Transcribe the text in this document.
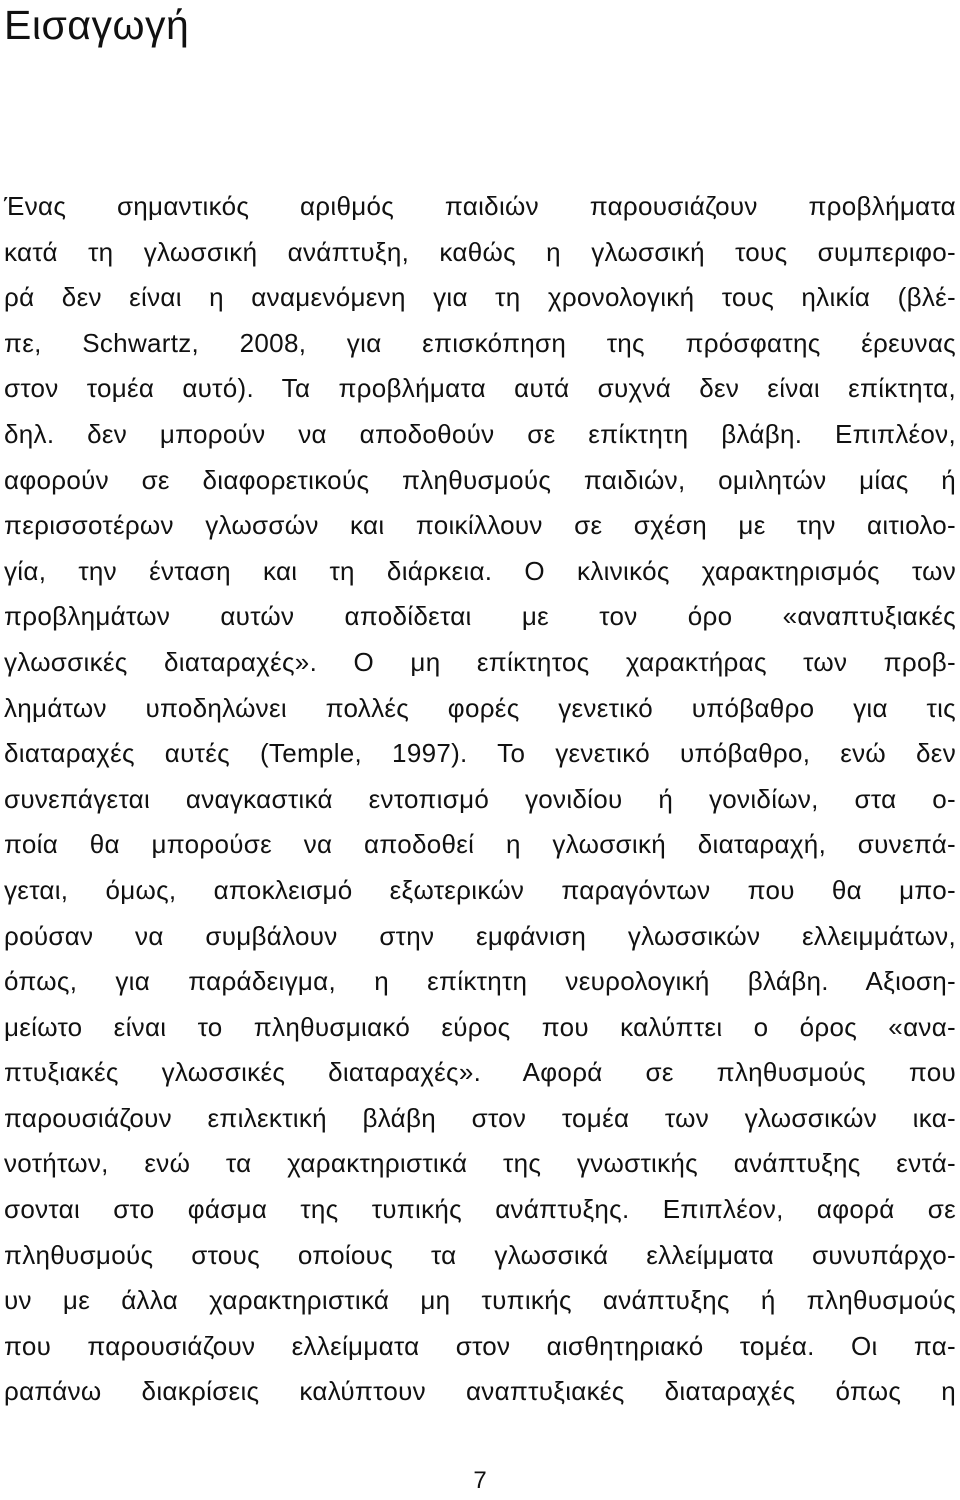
Εισαγωγή
Ένας σημαντικός αριθμός παιδιών παρουσιάζουν προβλήματα
κατά τη γλωσσική ανάπτυξη, καθώς η γλωσσική τους συμπεριφο-
ρά δεν είναι η αναμενόμενη για τη χρονολογική τους ηλικία (βλέ-
πε, Schwartz, 2008, για επισκόπηση της πρόσφατης έρευνας
στον τομέα αυτό). Τα προβλήματα αυτά συχνά δεν είναι επίκτητα,
δηλ. δεν μπορούν να αποδοθούν σε επίκτητη βλάβη. Επιπλέον,
αφορούν σε διαφορετικούς πληθυσμούς παιδιών, ομιλητών μίας ή
περισσοτέρων γλωσσών και ποικίλλουν σε σχέση με την αιτιολο-
γία, την ένταση και τη διάρκεια. Ο κλινικός χαρακτηρισμός των
προβλημάτων αυτών αποδίδεται με τον όρο «αναπτυξιακές
γλωσσικές διαταραχές». Ο μη επίκτητος χαρακτήρας των προβ-
λημάτων υποδηλώνει πολλές φορές γενετικό υπόβαθρο για τις
διαταραχές αυτές (Temple, 1997). Το γενετικό υπόβαθρο, ενώ δεν
συνεπάγεται αναγκαστικά εντοπισμό γονιδίου ή γονιδίων, στα ο-
ποία θα μπορούσε να αποδοθεί η γλωσσική διαταραχή, συνεπά-
γεται, όμως, αποκλεισμό εξωτερικών παραγόντων που θα μπο-
ρούσαν να συμβάλουν στην εμφάνιση γλωσσικών ελλειμμάτων,
όπως, για παράδειγμα, η επίκτητη νευρολογική βλάβη. Αξιοση-
μείωτο είναι το πληθυσμιακό εύρος που καλύπτει ο όρος «ανα-
πτυξιακές γλωσσικές διαταραχές». Αφορά σε πληθυσμούς που
παρουσιάζουν επιλεκτική βλάβη στον τομέα των γλωσσικών ικα-
νοτήτων, ενώ τα χαρακτηριστικά της γνωστικής ανάπτυξης εντά-
σονται στο φάσμα της τυπικής ανάπτυξης. Επιπλέον, αφορά σε
πληθυσμούς στους οποίους τα γλωσσικά ελλείμματα συνυπάρχο-
υν με άλλα χαρακτηριστικά μη τυπικής ανάπτυξης ή πληθυσμούς
που παρουσιάζουν ελλείμματα στον αισθητηριακό τομέα. Οι πα-
ραπάνω διακρίσεις καλύπτουν αναπτυξιακές διαταραχές όπως η
7
